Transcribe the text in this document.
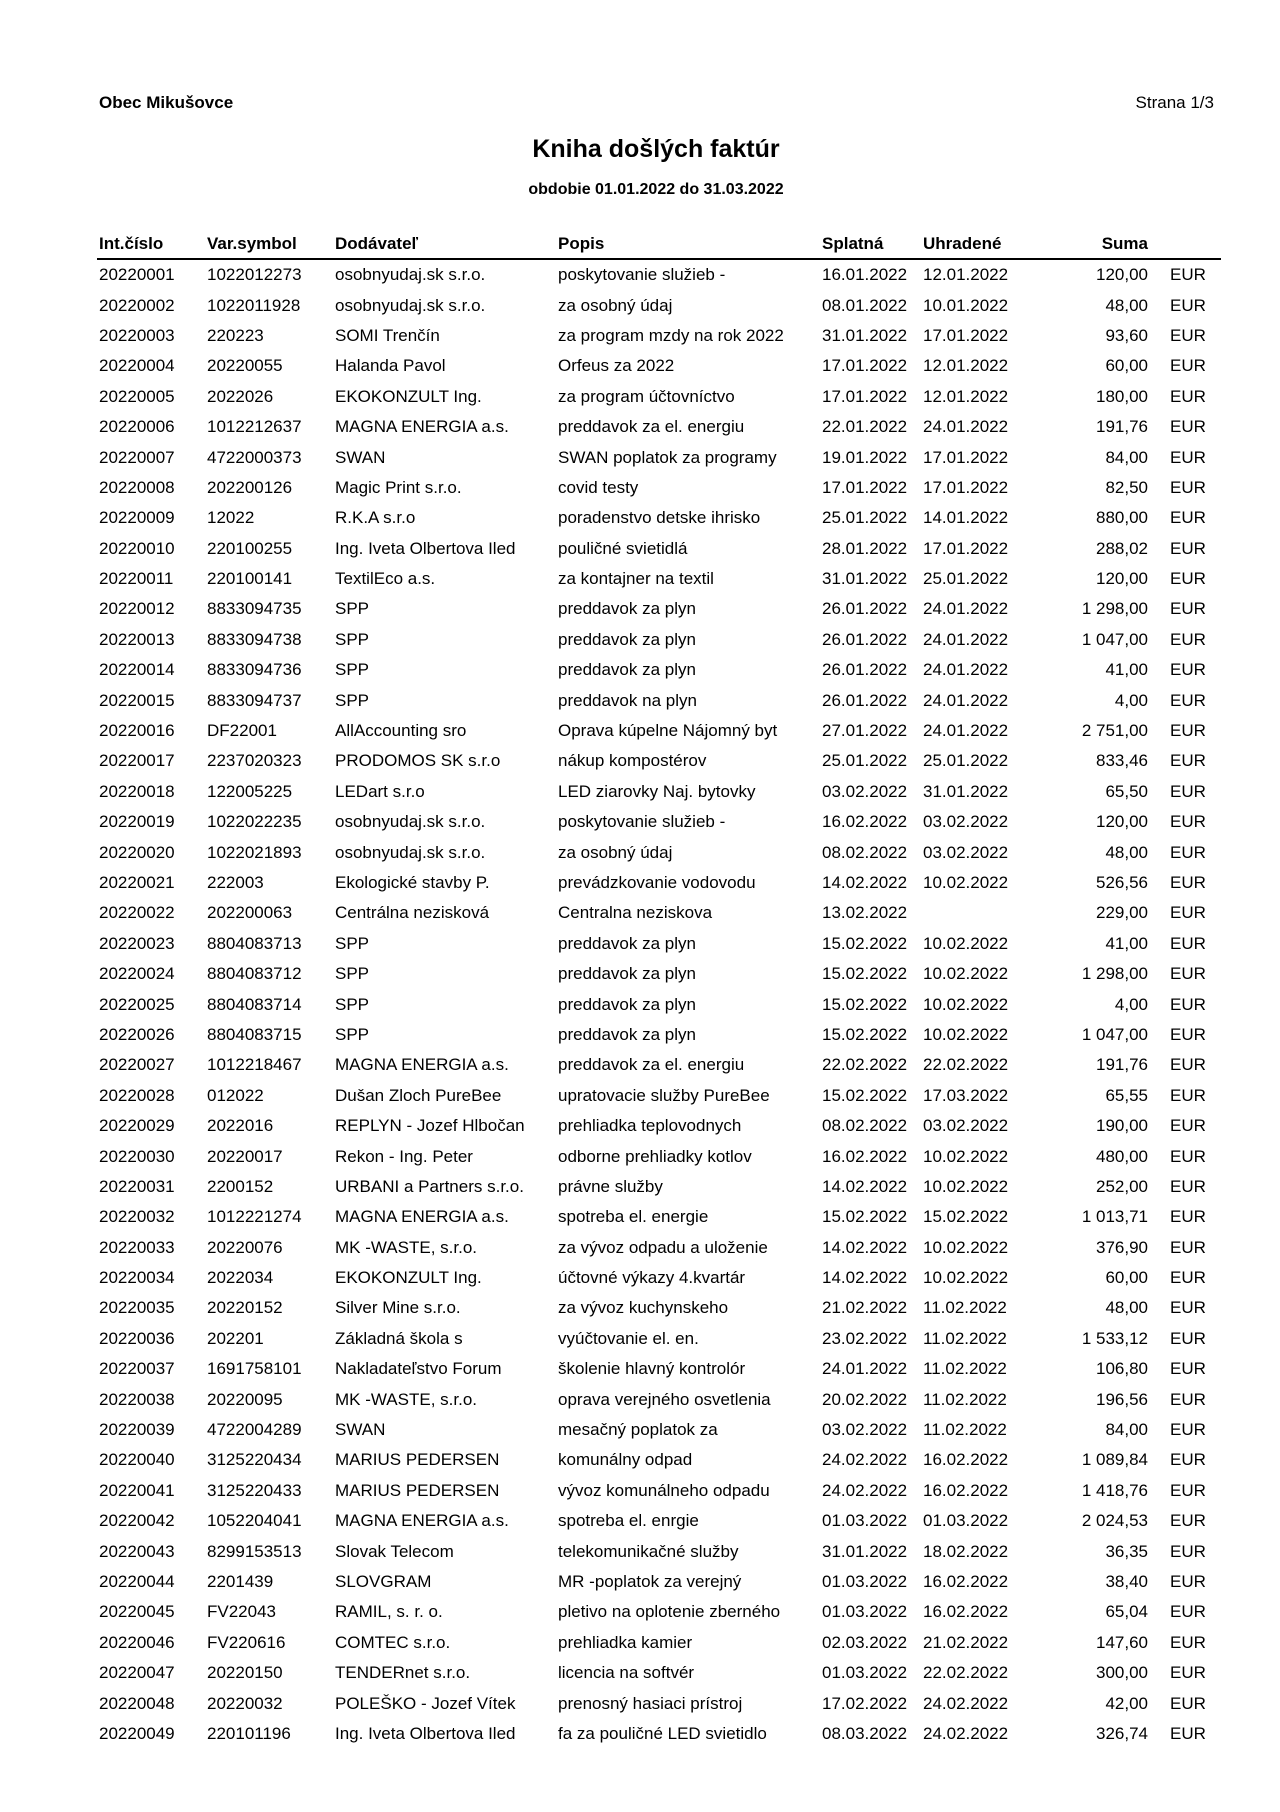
Obec Mikušovce	Strana 1/3
Kniha došlých faktúr
obdobie 01.01.2022 do 31.03.2022
Int.číslo	Var.symbol	Dodávateľ	Popis	Splatná	Uhradené	Suma	
20220001	1022012273	osobnyudaj.sk s.r.o.	poskytovanie služieb -	16.01.2022	12.01.2022	120,00	EUR
20220002	1022011928	osobnyudaj.sk s.r.o.	za osobný údaj	08.01.2022	10.01.2022	48,00	EUR
20220003	220223	SOMI Trenčín	za program mzdy na rok 2022	31.01.2022	17.01.2022	93,60	EUR
20220004	20220055	Halanda Pavol	Orfeus za 2022	17.01.2022	12.01.2022	60,00	EUR
20220005	2022026	EKOKONZULT Ing.	za program účtovníctvo	17.01.2022	12.01.2022	180,00	EUR
20220006	1012212637	MAGNA ENERGIA a.s.	preddavok za el. energiu	22.01.2022	24.01.2022	191,76	EUR
20220007	4722000373	SWAN	SWAN poplatok za programy	19.01.2022	17.01.2022	84,00	EUR
20220008	202200126	Magic Print s.r.o.	covid testy	17.01.2022	17.01.2022	82,50	EUR
20220009	12022	R.K.A s.r.o	poradenstvo detske ihrisko	25.01.2022	14.01.2022	880,00	EUR
20220010	220100255	Ing. Iveta Olbertova Iled	pouličné svietidlá	28.01.2022	17.01.2022	288,02	EUR
20220011	220100141	TextilEco a.s.	za kontajner na textil	31.01.2022	25.01.2022	120,00	EUR
20220012	8833094735	SPP	preddavok za plyn	26.01.2022	24.01.2022	1 298,00	EUR
20220013	8833094738	SPP	preddavok za plyn	26.01.2022	24.01.2022	1 047,00	EUR
20220014	8833094736	SPP	preddavok za plyn	26.01.2022	24.01.2022	41,00	EUR
20220015	8833094737	SPP	preddavok na plyn	26.01.2022	24.01.2022	4,00	EUR
20220016	DF22001	AllAccounting sro	Oprava kúpelne Nájomný byt	27.01.2022	24.01.2022	2 751,00	EUR
20220017	2237020323	PRODOMOS SK s.r.o	nákup kompostérov	25.01.2022	25.01.2022	833,46	EUR
20220018	122005225	LEDart s.r.o	LED ziarovky Naj. bytovky	03.02.2022	31.01.2022	65,50	EUR
20220019	1022022235	osobnyudaj.sk s.r.o.	poskytovanie služieb -	16.02.2022	03.02.2022	120,00	EUR
20220020	1022021893	osobnyudaj.sk s.r.o.	za osobný údaj	08.02.2022	03.02.2022	48,00	EUR
20220021	222003	Ekologické stavby P.	prevádzkovanie vodovodu	14.02.2022	10.02.2022	526,56	EUR
20220022	202200063	Centrálna nezisková	Centralna neziskova	13.02.2022		229,00	EUR
20220023	8804083713	SPP	preddavok za plyn	15.02.2022	10.02.2022	41,00	EUR
20220024	8804083712	SPP	preddavok za plyn	15.02.2022	10.02.2022	1 298,00	EUR
20220025	8804083714	SPP	preddavok za plyn	15.02.2022	10.02.2022	4,00	EUR
20220026	8804083715	SPP	preddavok za plyn	15.02.2022	10.02.2022	1 047,00	EUR
20220027	1012218467	MAGNA ENERGIA a.s.	preddavok za el. energiu	22.02.2022	22.02.2022	191,76	EUR
20220028	012022	Dušan Zloch PureBee	upratovacie služby PureBee	15.02.2022	17.03.2022	65,55	EUR
20220029	2022016	REPLYN - Jozef Hlbočan	prehliadka teplovodnych	08.02.2022	03.02.2022	190,00	EUR
20220030	20220017	Rekon - Ing. Peter	odborne prehliadky kotlov	16.02.2022	10.02.2022	480,00	EUR
20220031	2200152	URBANI a Partners s.r.o.	právne služby	14.02.2022	10.02.2022	252,00	EUR
20220032	1012221274	MAGNA ENERGIA a.s.	spotreba el. energie	15.02.2022	15.02.2022	1 013,71	EUR
20220033	20220076	MK -WASTE, s.r.o.	za vývoz odpadu a uloženie	14.02.2022	10.02.2022	376,90	EUR
20220034	2022034	EKOKONZULT Ing.	účtovné výkazy 4.kvartár	14.02.2022	10.02.2022	60,00	EUR
20220035	20220152	Silver Mine s.r.o.	za vývoz kuchynskeho	21.02.2022	11.02.2022	48,00	EUR
20220036	202201	Základná škola s	vyúčtovanie el. en.	23.02.2022	11.02.2022	1 533,12	EUR
20220037	1691758101	Nakladateľstvo Forum	školenie hlavný kontrolór	24.01.2022	11.02.2022	106,80	EUR
20220038	20220095	MK -WASTE, s.r.o.	oprava verejného osvetlenia	20.02.2022	11.02.2022	196,56	EUR
20220039	4722004289	SWAN	mesačný poplatok za	03.02.2022	11.02.2022	84,00	EUR
20220040	3125220434	MARIUS PEDERSEN	komunálny odpad	24.02.2022	16.02.2022	1 089,84	EUR
20220041	3125220433	MARIUS PEDERSEN	vývoz komunálneho odpadu	24.02.2022	16.02.2022	1 418,76	EUR
20220042	1052204041	MAGNA ENERGIA a.s.	spotreba el. enrgie	01.03.2022	01.03.2022	2 024,53	EUR
20220043	8299153513	Slovak Telecom	telekomunikačné služby	31.01.2022	18.02.2022	36,35	EUR
20220044	2201439	SLOVGRAM	MR -poplatok za verejný	01.03.2022	16.02.2022	38,40	EUR
20220045	FV22043	RAMIL, s. r. o.	pletivo na oplotenie zberného	01.03.2022	16.02.2022	65,04	EUR
20220046	FV220616	COMTEC s.r.o.	prehliadka kamier	02.03.2022	21.02.2022	147,60	EUR
20220047	20220150	TENDERnet s.r.o.	licencia na softvér	01.03.2022	22.02.2022	300,00	EUR
20220048	20220032	POLEŠKO - Jozef Vítek	prenosný hasiaci prístroj	17.02.2022	24.02.2022	42,00	EUR
20220049	220101196	Ing. Iveta Olbertova Iled	fa za pouličné LED svietidlo	08.03.2022	24.02.2022	326,74	EUR
